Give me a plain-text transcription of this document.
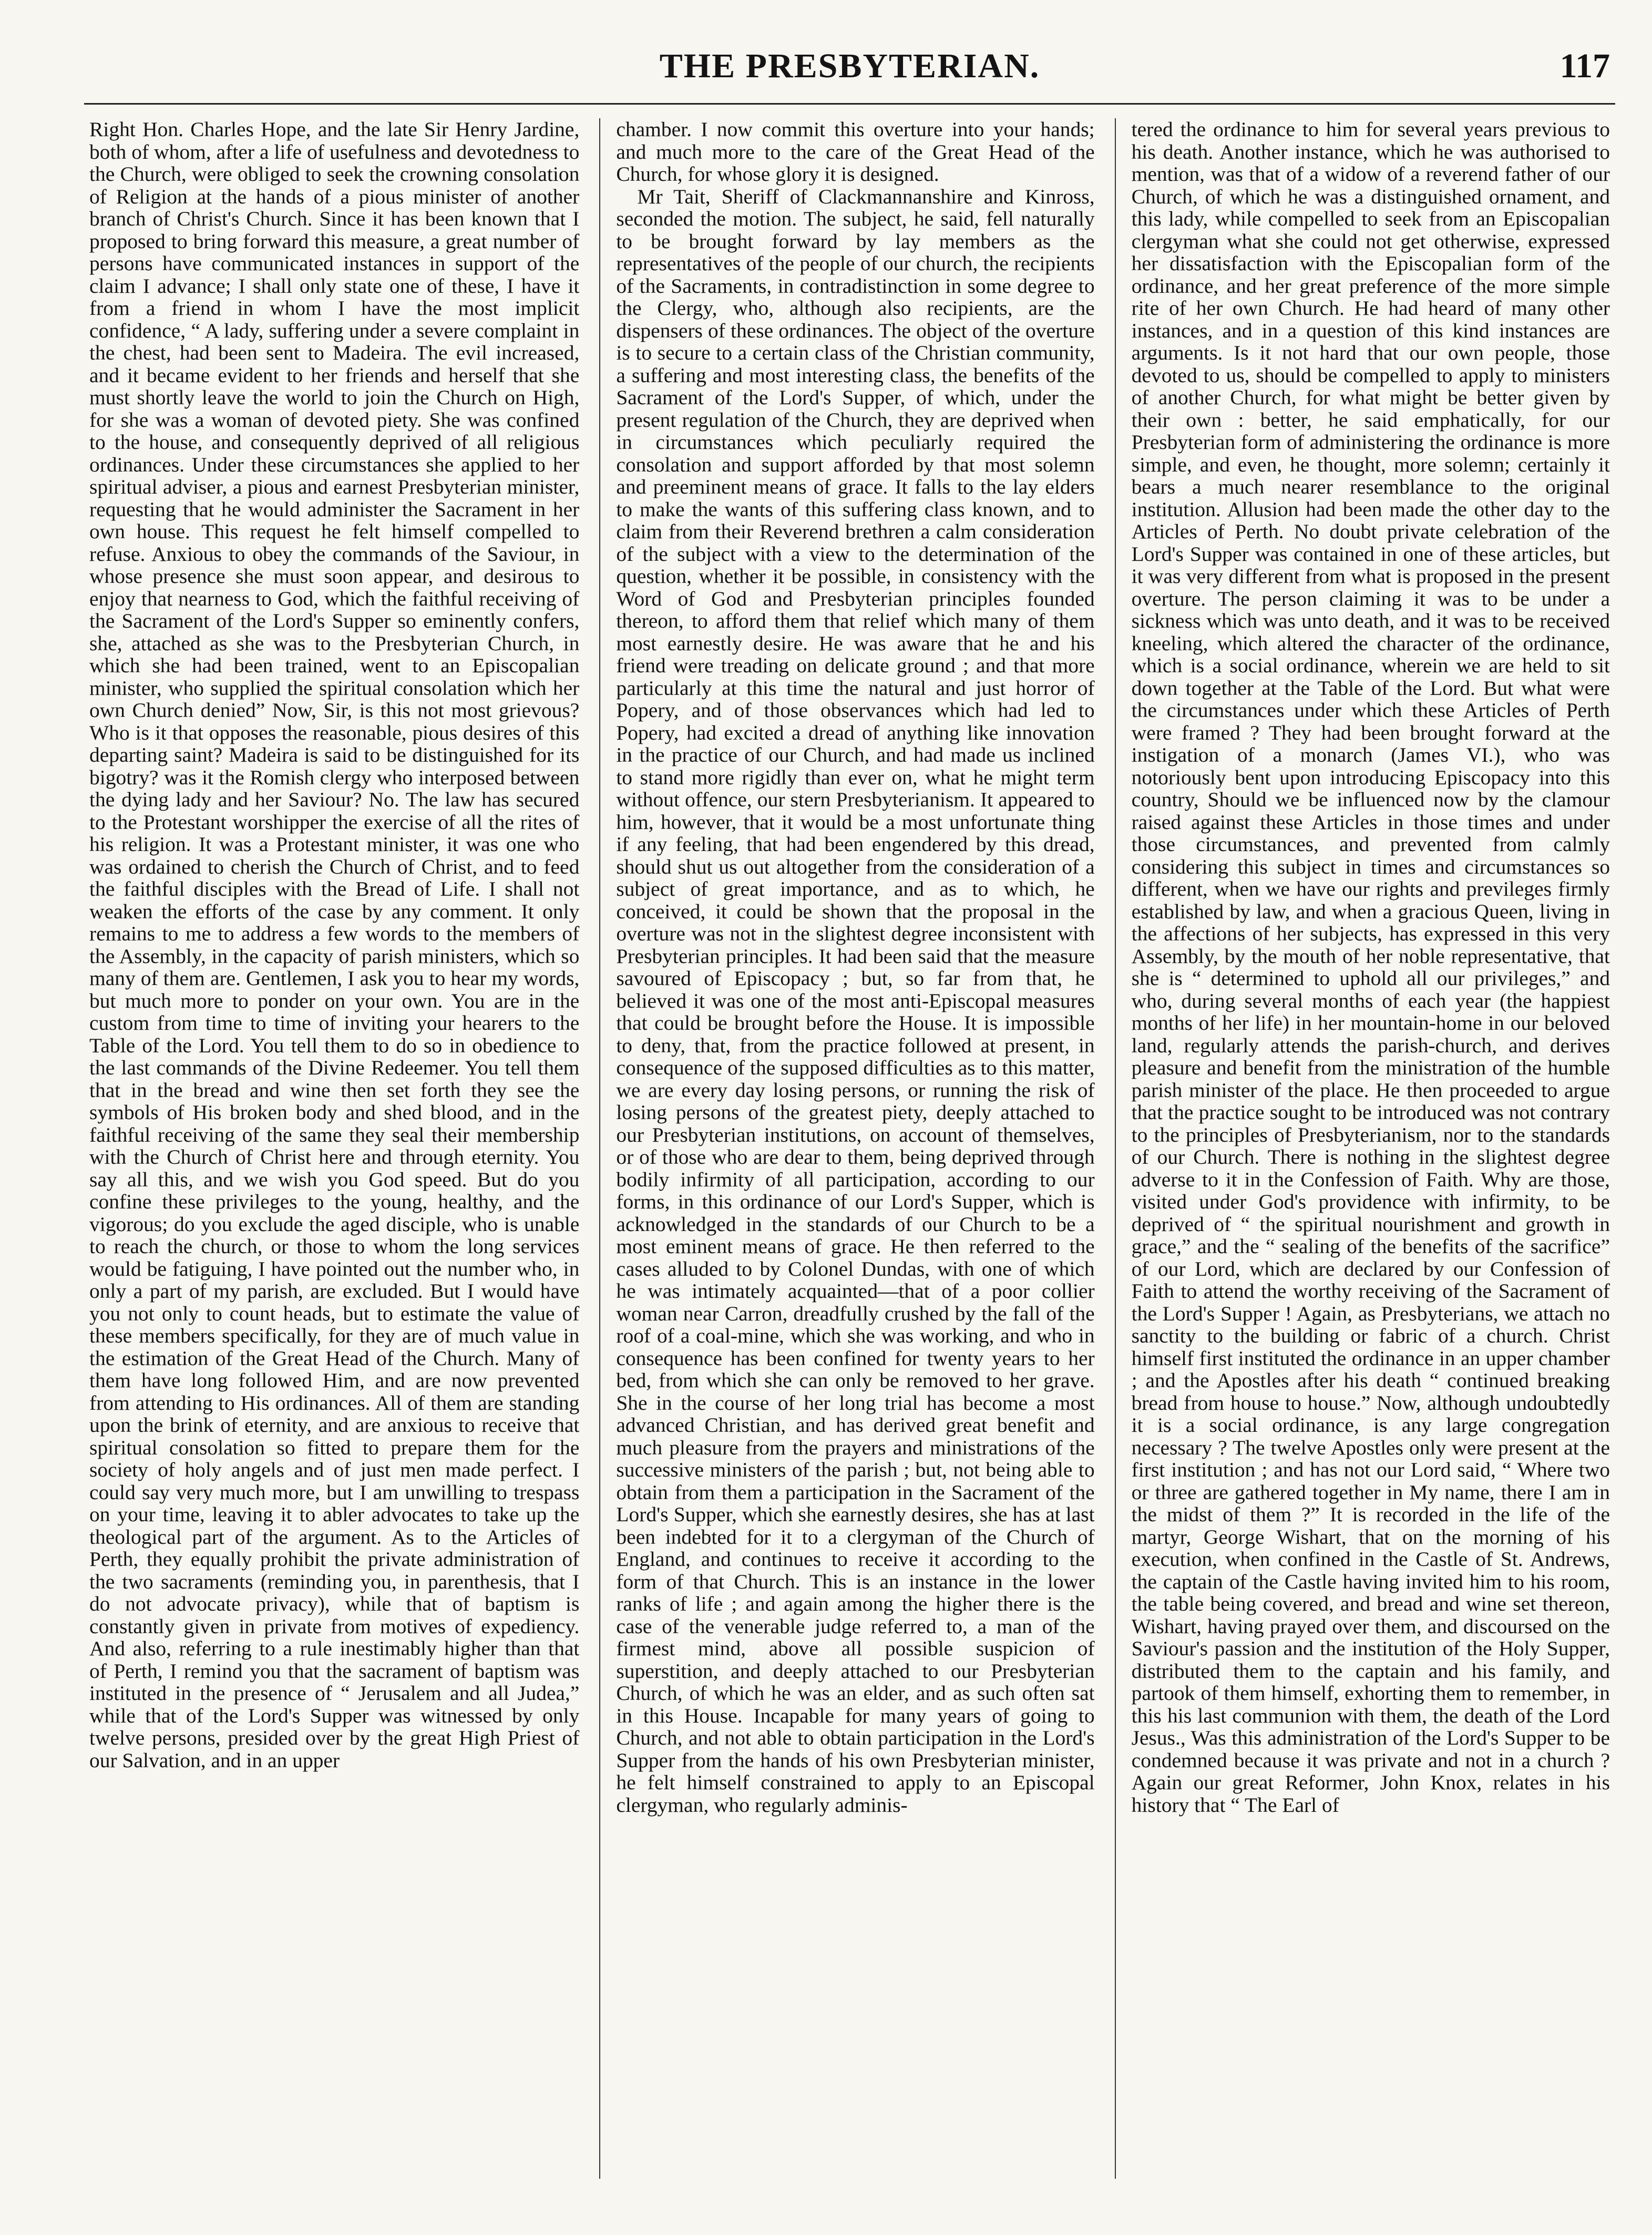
THE PRESBYTERIAN.	117

Right Hon. Charles Hope, and the late Sir Henry Jardine, both of whom, after a life of usefulness and devotedness to the Church, were obliged to seek the crowning consolation of Religion at the hands of a pious minister of another branch of Christ's Church. Since it has been known that I proposed to bring forward this measure, a great number of persons have communicated instances in support of the claim I advance; I shall only state one of these, I have it from a friend in whom I have the most implicit confidence, “ A lady, suffering under a severe complaint in the chest, had been sent to Madeira. The evil increased, and it became evident to her friends and herself that she must shortly leave the world to join the Church on High, for she was a woman of devoted piety. She was confined to the house, and consequently deprived of all religious ordinances. Under these circumstances she applied to her spiritual adviser, a pious and earnest Presbyterian minister, requesting that he would administer the Sacrament in her own house. This request he felt himself compelled to refuse. Anxious to obey the commands of the Saviour, in whose presence she must soon appear, and desirous to enjoy that nearness to God, which the faithful receiving of the Sacrament of the Lord's Supper so eminently confers, she, attached as she was to the Presbyterian Church, in which she had been trained, went to an Episcopalian minister, who supplied the spiritual consolation which her own Church denied” Now, Sir, is this not most grievous? Who is it that opposes the reasonable, pious desires of this departing saint? Madeira is said to be distinguished for its bigotry? was it the Romish clergy who interposed between the dying lady and her Saviour? No. The law has secured to the Protestant worshipper the exercise of all the rites of his religion. It was a Protestant minister, it was one who was ordained to cherish the Church of Christ, and to feed the faithful disciples with the Bread of Life. I shall not weaken the efforts of the case by any comment. It only remains to me to address a few words to the members of the Assembly, in the capacity of parish ministers, which so many of them are. Gentlemen, I ask you to hear my words, but much more to ponder on your own. You are in the custom from time to time of inviting your hearers to the Table of the Lord. You tell them to do so in obedience to the last commands of the Divine Redeemer. You tell them that in the bread and wine then set forth they see the symbols of His broken body and shed blood, and in the faithful receiving of the same they seal their membership with the Church of Christ here and through eternity. You say all this, and we wish you God speed. But do you confine these privileges to the young, healthy, and the vigorous; do you exclude the aged disciple, who is unable to reach the church, or those to whom the long services would be fatiguing, I have pointed out the number who, in only a part of my parish, are excluded. But I would have you not only to count heads, but to estimate the value of these members specifically, for they are of much value in the estimation of the Great Head of the Church. Many of them have long followed Him, and are now prevented from attending to His ordinances. All of them are standing upon the brink of eternity, and are anxious to receive that spiritual consolation so fitted to prepare them for the society of holy angels and of just men made perfect. I could say very much more, but I am unwilling to trespass on your time, leaving it to abler advocates to take up the theological part of the argument. As to the Articles of Perth, they equally prohibit the private administration of the two sacraments (reminding you, in parenthesis, that I do not advocate privacy), while that of baptism is constantly given in private from motives of expediency. And also, referring to a rule inestimably higher than that of Perth, I remind you that the sacrament of baptism was instituted in the presence of “ Jerusalem and all Judea,” while that of the Lord's Supper was witnessed by only twelve persons, presided over by the great High Priest of our Salvation, and in an upper

chamber. I now commit this overture into your hands; and much more to the care of the Great Head of the Church, for whose glory it is designed.

Mr Tait, Sheriff of Clackmannanshire and Kinross, seconded the motion. The subject, he said, fell naturally to be brought forward by lay members as the representatives of the people of our church, the recipients of the Sacraments, in contradistinction in some degree to the Clergy, who, although also recipients, are the dispensers of these ordinances. The object of the overture is to secure to a certain class of the Christian community, a suffering and most interesting class, the benefits of the Sacrament of the Lord's Supper, of which, under the present regulation of the Church, they are deprived when in circumstances which peculiarly required the consolation and support afforded by that most solemn and preeminent means of grace. It falls to the lay elders to make the wants of this suffering class known, and to claim from their Reverend brethren a calm consideration of the subject with a view to the determination of the question, whether it be possible, in consistency with the Word of God and Presbyterian principles founded thereon, to afford them that relief which many of them most earnestly desire. He was aware that he and his friend were treading on delicate ground ; and that more particularly at this time the natural and just horror of Popery, and of those observances which had led to Popery, had excited a dread of anything like innovation in the practice of our Church, and had made us inclined to stand more rigidly than ever on, what he might term without offence, our stern Presbyterianism. It appeared to him, however, that it would be a most unfortunate thing if any feeling, that had been engendered by this dread, should shut us out altogether from the consideration of a subject of great importance, and as to which, he conceived, it could be shown that the proposal in the overture was not in the slightest degree inconsistent with Presbyterian principles. It had been said that the measure savoured of Episcopacy ; but, so far from that, he believed it was one of the most anti-Episcopal measures that could be brought before the House. It is impossible to deny, that, from the practice followed at present, in consequence of the supposed difficulties as to this matter, we are every day losing persons, or running the risk of losing persons of the greatest piety, deeply attached to our Presbyterian institutions, on account of themselves, or of those who are dear to them, being deprived through bodily infirmity of all participation, according to our forms, in this ordinance of our Lord's Supper, which is acknowledged in the standards of our Church to be a most eminent means of grace. He then referred to the cases alluded to by Colonel Dundas, with one of which he was intimately acquainted—that of a poor collier woman near Carron, dreadfully crushed by the fall of the roof of a coal-mine, which she was working, and who in consequence has been confined for twenty years to her bed, from which she can only be removed to her grave. She in the course of her long trial has become a most advanced Christian, and has derived great benefit and much pleasure from the prayers and ministrations of the successive ministers of the parish ; but, not being able to obtain from them a participation in the Sacrament of the Lord's Supper, which she earnestly desires, she has at last been indebted for it to a clergyman of the Church of England, and continues to receive it according to the form of that Church. This is an instance in the lower ranks of life ; and again among the higher there is the case of the venerable judge referred to, a man of the firmest mind, above all possible suspicion of superstition, and deeply attached to our Presbyterian Church, of which he was an elder, and as such often sat in this House. Incapable for many years of going to Church, and not able to obtain participation in the Lord's Supper from the hands of his own Presbyterian minister, he felt himself constrained to apply to an Episcopal clergyman, who regularly adminis-

tered the ordinance to him for several years previous to his death. Another instance, which he was authorised to mention, was that of a widow of a reverend father of our Church, of which he was a distinguished ornament, and this lady, while compelled to seek from an Episcopalian clergyman what she could not get otherwise, expressed her dissatisfaction with the Episcopalian form of the ordinance, and her great preference of the more simple rite of her own Church. He had heard of many other instances, and in a question of this kind instances are arguments. Is it not hard that our own people, those devoted to us, should be compelled to apply to ministers of another Church, for what might be better given by their own : better, he said emphatically, for our Presbyterian form of administering the ordinance is more simple, and even, he thought, more solemn; certainly it bears a much nearer resemblance to the original institution. Allusion had been made the other day to the Articles of Perth. No doubt private celebration of the Lord's Supper was contained in one of these articles, but it was very different from what is proposed in the present overture. The person claiming it was to be under a sickness which was unto death, and it was to be received kneeling, which altered the character of the ordinance, which is a social ordinance, wherein we are held to sit down together at the Table of the Lord. But what were the circumstances under which these Articles of Perth were framed ? They had been brought forward at the instigation of a monarch (James VI.), who was notoriously bent upon introducing Episcopacy into this country, Should we be influenced now by the clamour raised against these Articles in those times and under those circumstances, and prevented from calmly considering this subject in times and circumstances so different, when we have our rights and previleges firmly established by law, and when a gracious Queen, living in the affections of her subjects, has expressed in this very Assembly, by the mouth of her noble representative, that she is “ determined to uphold all our privileges,” and who, during several months of each year (the happiest months of her life) in her mountain-home in our beloved land, regularly attends the parish-church, and derives pleasure and benefit from the ministration of the humble parish minister of the place. He then proceeded to argue that the practice sought to be introduced was not contrary to the principles of Presbyterianism, nor to the standards of our Church. There is nothing in the slightest degree adverse to it in the Confession of Faith. Why are those, visited under God's providence with infirmity, to be deprived of “ the spiritual nourishment and growth in grace,” and the “ sealing of the benefits of the sacrifice” of our Lord, which are declared by our Confession of Faith to attend the worthy receiving of the Sacrament of the Lord's Supper ! Again, as Presbyterians, we attach no sanctity to the building or fabric of a church. Christ himself first instituted the ordinance in an upper chamber ; and the Apostles after his death “ continued breaking bread from house to house.” Now, although undoubtedly it is a social ordinance, is any large congregation necessary ? The twelve Apostles only were present at the first institution ; and has not our Lord said, “ Where two or three are gathered together in My name, there I am in the midst of them ?” It is recorded in the life of the martyr, George Wishart, that on the morning of his execution, when confined in the Castle of St. Andrews, the captain of the Castle having invited him to his room, the table being covered, and bread and wine set thereon, Wishart, having prayed over them, and discoursed on the Saviour's passion and the institution of the Holy Supper, distributed them to the captain and his family, and partook of them himself, exhorting them to remember, in this his last communion with them, the death of the Lord Jesus., Was this administration of the Lord's Supper to be condemned because it was private and not in a church ? Again our great Reformer, John Knox, relates in his history that “ The Earl of
